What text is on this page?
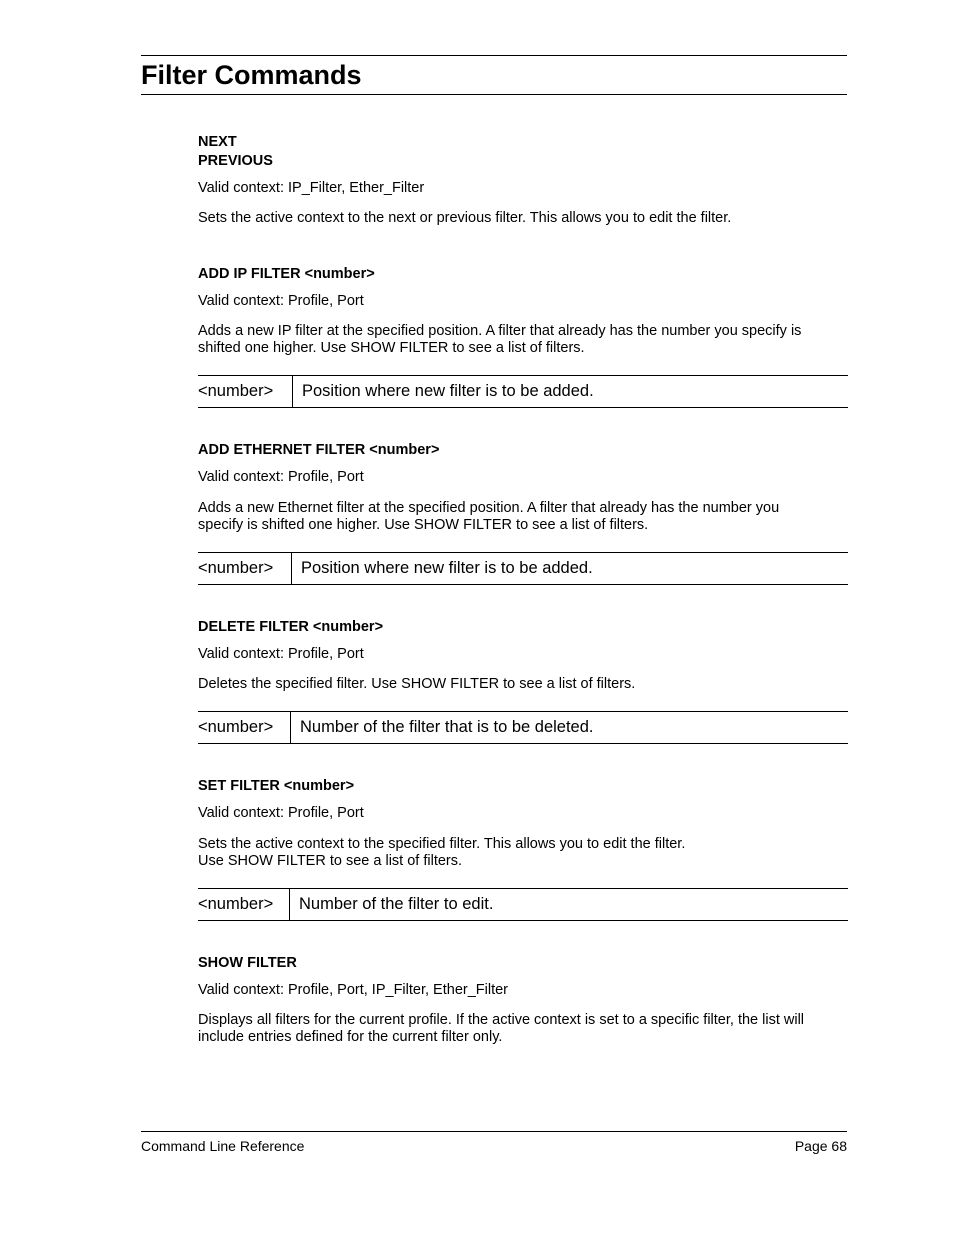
Filter Commands

NEXT

PREVIOUS

Valid context: IP_Filter, Ether_Filter

Sets the active context to the next or previous filter. This allows you to edit the filter.

ADD IP FILTER <number>

Valid context: Profile, Port

Adds a new IP filter at the specified position. A filter that already has the number you specify is
shifted one higher. Use SHOW FILTER to see a list of filters.

<number>	Position where new filter is to be added.

ADD ETHERNET FILTER <number>

Valid context: Profile, Port

Adds a new Ethernet filter at the specified position. A filter that already has the number you
specify is shifted one higher. Use SHOW FILTER to see a list of filters.

<number>	Position where new filter is to be added.

DELETE FILTER <number>

Valid context: Profile, Port

Deletes the specified filter. Use SHOW FILTER to see a list of filters.

<number>	Number of the filter that is to be deleted.

SET FILTER <number>

Valid context: Profile, Port

Sets the active context to the specified filter. This allows you to edit the filter.
Use SHOW FILTER to see a list of filters.

<number>	Number of the filter to edit.

SHOW FILTER

Valid context: Profile, Port, IP_Filter, Ether_Filter

Displays all filters for the current profile. If the active context is set to a specific filter, the list will
include entries defined for the current filter only.

Command Line Reference	Page 68
